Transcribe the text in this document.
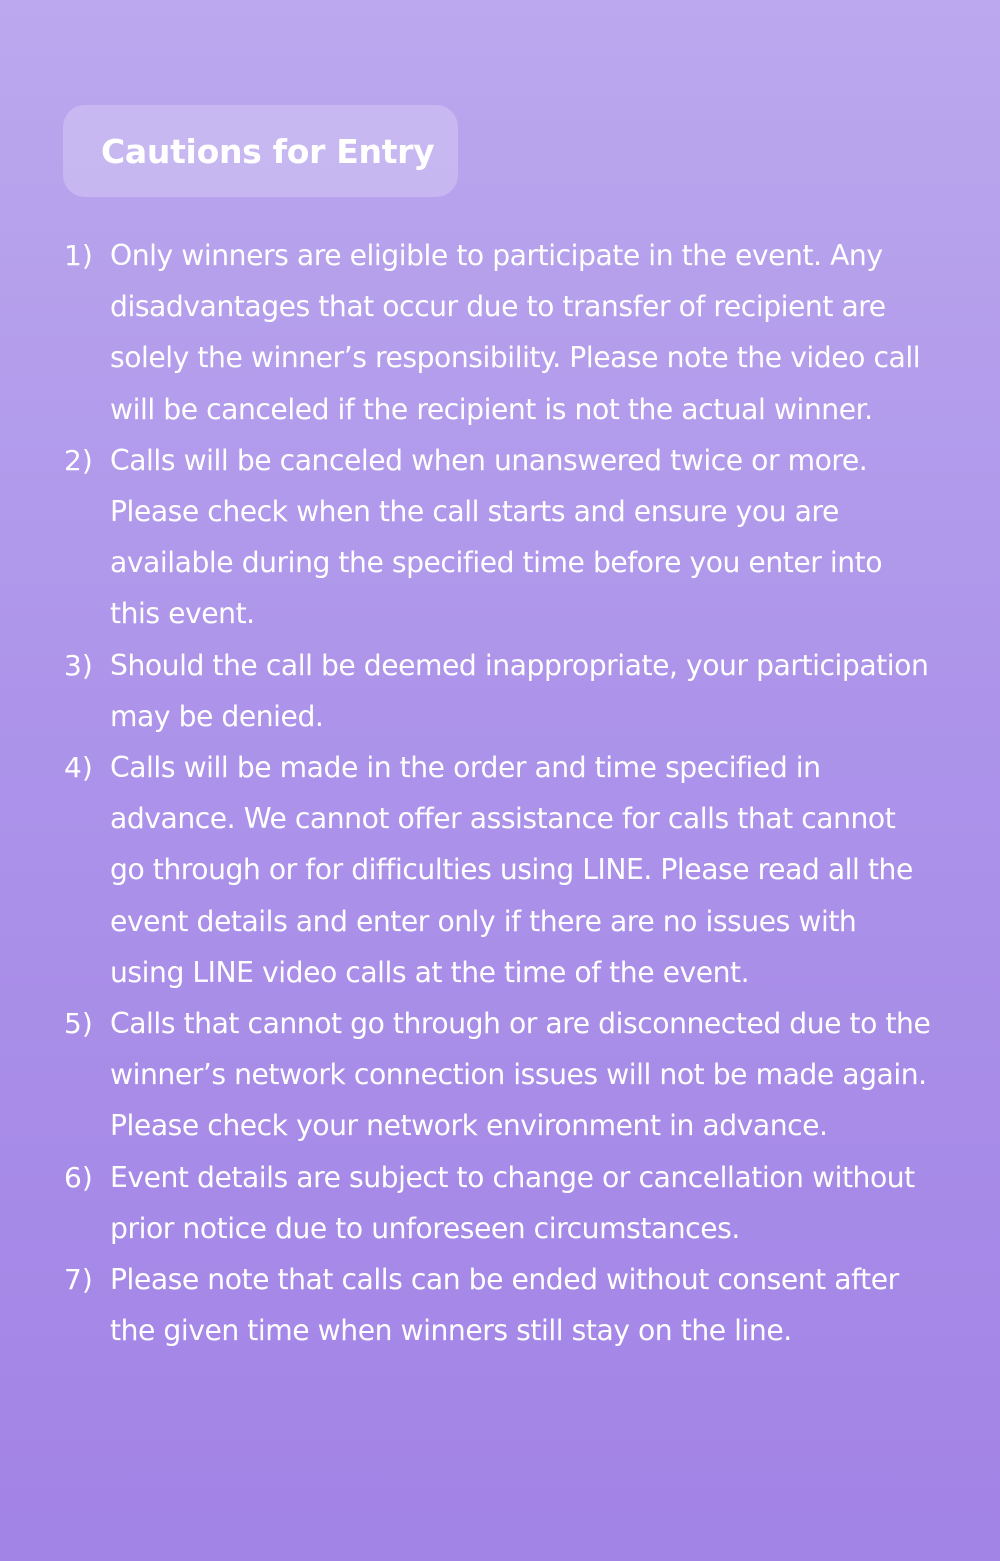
Cautions for Entry
1) Only winners are eligible to participate in the event. Any disadvantages that occur due to transfer of recipient are solely the winner’s responsibility. Please note the video call will be canceled if the recipient is not the actual winner.
2) Calls will be canceled when unanswered twice or more. Please check when the call starts and ensure you are available during the specified time before you enter into this event.
3) Should the call be deemed inappropriate, your participation may be denied.
4) Calls will be made in the order and time specified in advance. We cannot offer assistance for calls that cannot go through or for difficulties using LINE. Please read all the event details and enter only if there are no issues with using LINE video calls at the time of the event.
5) Calls that cannot go through or are disconnected due to the winner’s network connection issues will not be made again. Please check your network environment in advance.
6) Event details are subject to change or cancellation without prior notice due to unforeseen circumstances.
7) Please note that calls can be ended without consent after the given time when winners still stay on the line.
